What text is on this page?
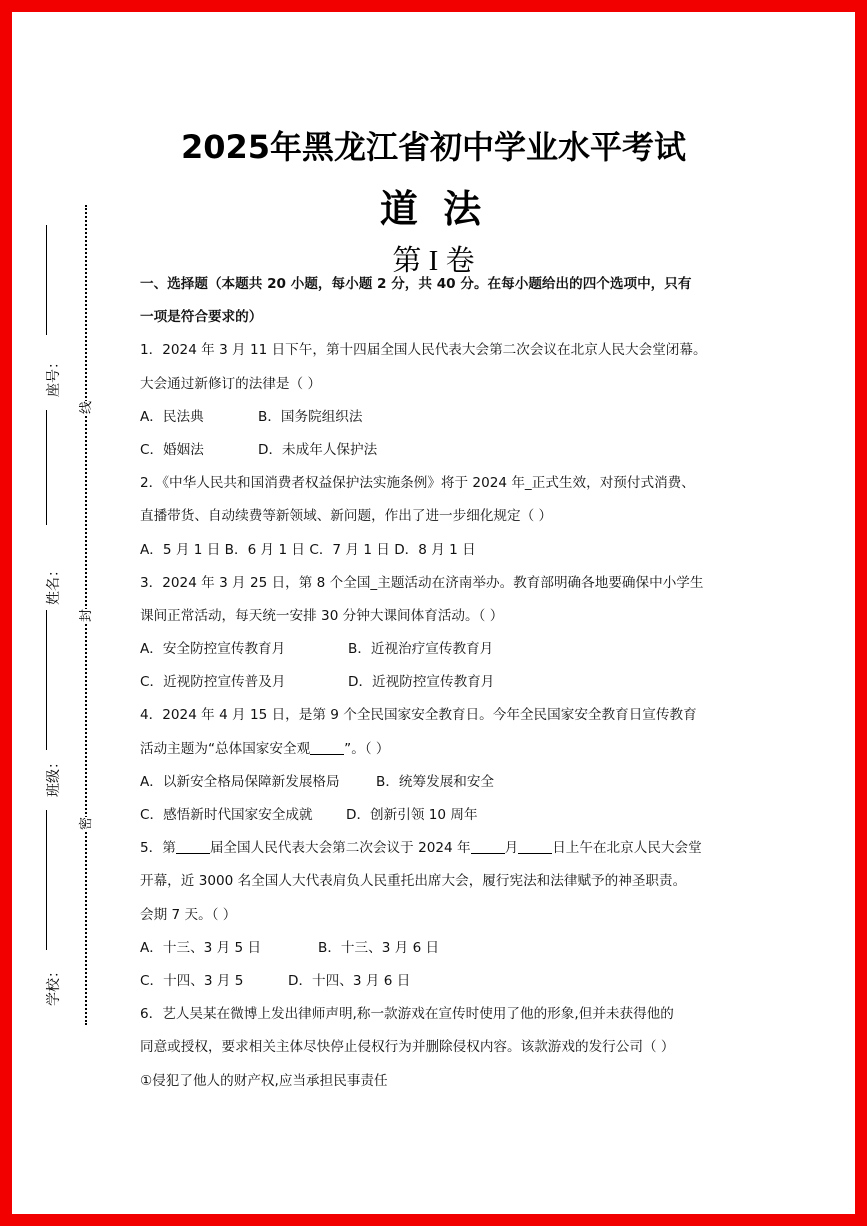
座号：
姓名：
班级：
学校：
线
封
密
2025年黑龙江省初中学业水平考试
道 法
第 I 卷
一、选择题（本题共 20 小题，每小题 2 分，共 40 分。在每小题给出的四个选项中，只有
一项是符合要求的）
1．2024 年 3 月 11 日下午，第十四届全国人民代表大会第二次会议在北京人民大会堂闭幕。
大会通过新修订的法律是（ ）
A．民法典	B．国务院组织法
C．婚姻法	D．未成年人保护法
2．《中华人民共和国消费者权益保护法实施条例》将于 2024 年_正式生效，对预付式消费、
直播带货、自动续费等新领域、新问题，作出了进一步细化规定（ ）
A．5 月 1 日 B．6 月 1 日 C．7 月 1 日 D．8 月 1 日
3．2024 年 3 月 25 日，第 8 个全国_主题活动在济南举办。教育部明确各地要确保中小学生
课间正常活动，每天统一安排 30 分钟大课间体育活动。（ ）
A．安全防控宣传教育月	B．近视治疗宣传教育月
C．近视防控宣传普及月	D．近视防控宣传教育月
4．2024 年 4 月 15 日，是第 9 个全民国家安全教育日。今年全民国家安全教育日宣传教育
活动主题为“总体国家安全观	”。（ ）
A．以新安全格局保障新发展格局	B．统筹发展和安全
C．感悟新时代国家安全成就 D．创新引领 10 周年
5．第	届全国人民代表大会第二次会议于 2024 年	月	日上午在北京人民大会堂
开幕，近 3000 名全国人大代表肩负人民重托出席大会，履行宪法和法律赋予的神圣职责。
会期 7 天。（ ）
A．十三、3 月 5 日	B．十三、3 月 6 日
C．十四、3 月 5	D．十四、3 月 6 日
6．艺人吴某在微博上发出律师声明,称一款游戏在宣传时使用了他的形象,但并未获得他的
同意或授权，要求相关主体尽快停止侵权行为并删除侵权内容。该款游戏的发行公司（ ）
①侵犯了他人的财产权,应当承担民事责任
